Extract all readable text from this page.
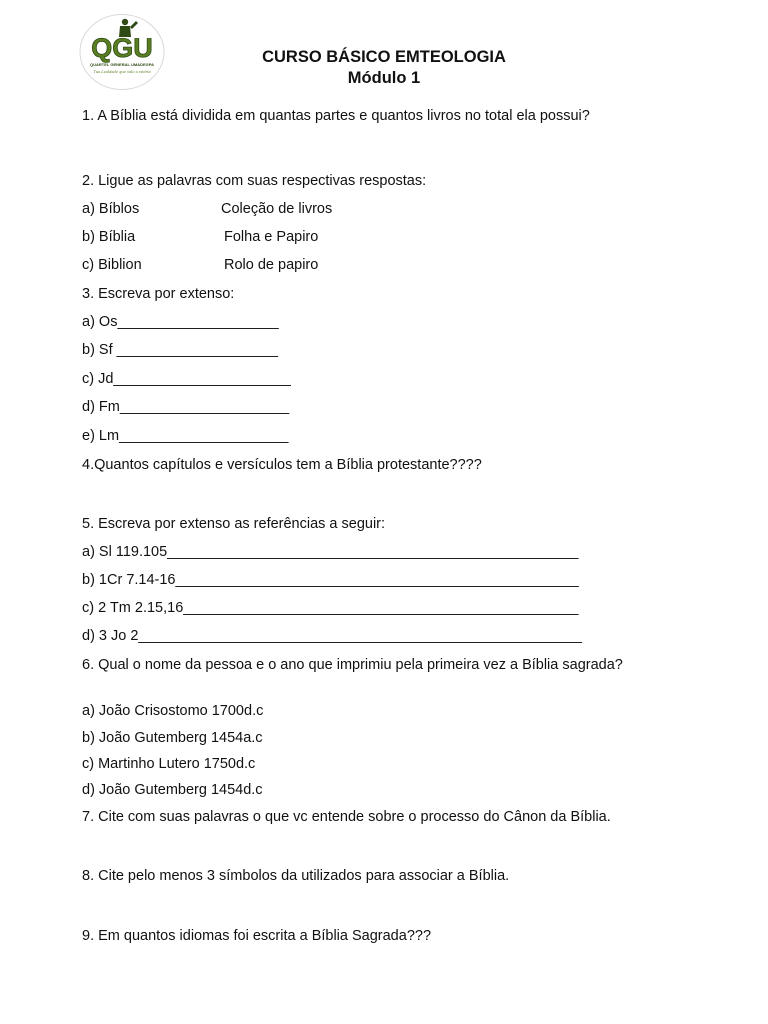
QGU
QUARTEL GENERAL UMADEGPA
Tua Lealdade que vale a vitória
CURSO BÁSICO EMTEOLOGIA
Módulo 1
1. A Bíblia está dividida em quantas partes e quantos livros no total ela possui?
2. Ligue as palavras com suas respectivas respostas:
a) Bíblos	Coleção de livros
b) Bíblia	Folha e Papiro
c) Biblion	Rolo de papiro
3. Escreva por extenso:
a) Os____________________
b) Sf ____________________
c) Jd______________________
d) Fm_____________________
e) Lm_____________________
4.Quantos capítulos e versículos tem a Bíblia protestante????
5. Escreva por extenso as referências a seguir:
a) Sl 119.105___________________________________________________
b) 1Cr 7.14-16__________________________________________________
c) 2 Tm 2.15,16_________________________________________________
d) 3 Jo 2_______________________________________________________
6. Qual o nome da pessoa e o ano que imprimiu pela primeira vez a Bíblia sagrada?
a) João Crisostomo 1700d.c
b) João Gutemberg 1454a.c
c) Martinho Lutero 1750d.c
d) João Gutemberg 1454d.c
7. Cite com suas palavras o que vc entende sobre o processo do Cânon da Bíblia.
8. Cite pelo menos 3 símbolos da utilizados para associar a Bíblia.
9. Em quantos idiomas foi escrita a Bíblia Sagrada???
